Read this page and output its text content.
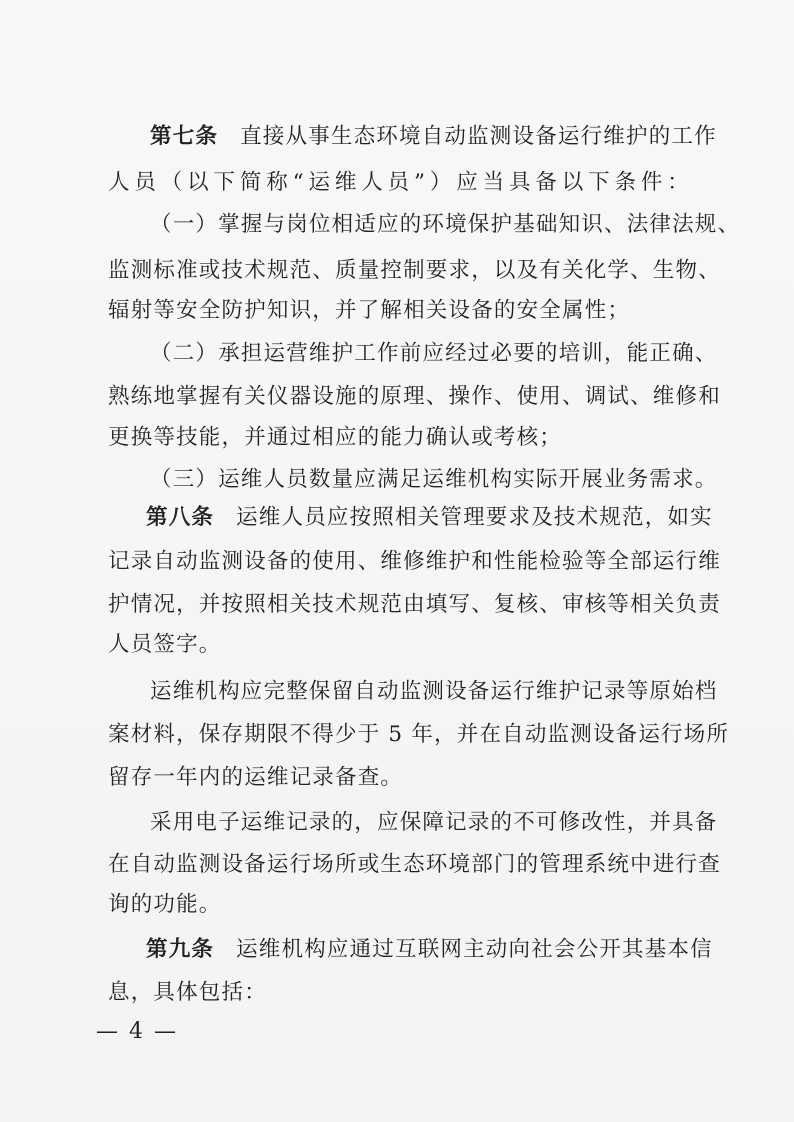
第七条 直接从事生态环境自动监测设备运行维护的工作
人员（以下简称“运维人员”）应当具备以下条件：
（一）掌握与岗位相适应的环境保护基础知识、法律法规、
监测标准或技术规范、质量控制要求，以及有关化学、生物、
辐射等安全防护知识，并了解相关设备的安全属性；
（二）承担运营维护工作前应经过必要的培训，能正确、
熟练地掌握有关仪器设施的原理、操作、使用、调试、维修和
更换等技能，并通过相应的能力确认或考核；
（三）运维人员数量应满足运维机构实际开展业务需求。
第八条 运维人员应按照相关管理要求及技术规范，如实
记录自动监测设备的使用、维修维护和性能检验等全部运行维
护情况，并按照相关技术规范由填写、复核、审核等相关负责
人员签字。
运维机构应完整保留自动监测设备运行维护记录等原始档
案材料，保存期限不得少于 5 年，并在自动监测设备运行场所
留存一年内的运维记录备查。
采用电子运维记录的，应保障记录的不可修改性，并具备
在自动监测设备运行场所或生态环境部门的管理系统中进行查
询的功能。
第九条 运维机构应通过互联网主动向社会公开其基本信
息，具体包括：
— 4 —
